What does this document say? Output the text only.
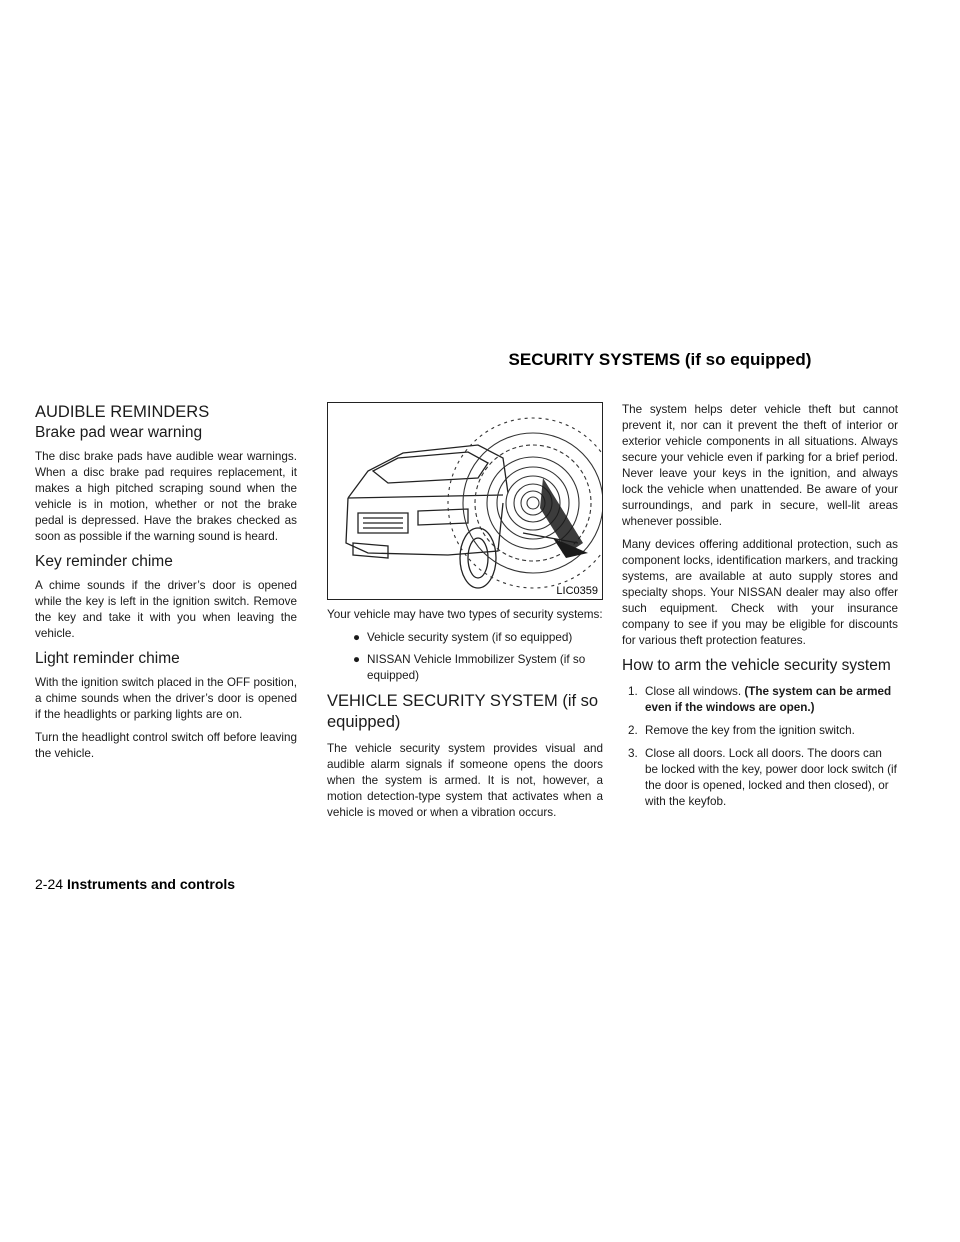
SECURITY SYSTEMS (if so equipped)
AUDIBLE REMINDERS
Brake pad wear warning

The disc brake pads have audible wear warnings. When a disc brake pad requires replacement, it makes a high pitched scraping sound when the vehicle is in motion, whether or not the brake pedal is depressed. Have the brakes checked as soon as possible if the warning sound is heard.

Key reminder chime

A chime sounds if the driver’s door is opened while the key is left in the ignition switch. Remove the key and take it with you when leaving the vehicle.

Light reminder chime

With the ignition switch placed in the OFF position, a chime sounds when the driver’s door is opened if the headlights or parking lights are on.

Turn the headlight control switch off before leaving the vehicle.

LIC0359

Your vehicle may have two types of security systems:

● Vehicle security system (if so equipped)
● NISSAN Vehicle Immobilizer System (if so equipped)
VEHICLE SECURITY SYSTEM (if so equipped)

The vehicle security system provides visual and audible alarm signals if someone opens the doors when the system is armed. It is not, however, a motion detection-type system that activates when a vehicle is moved or when a vibration occurs.

The system helps deter vehicle theft but cannot prevent it, nor can it prevent the theft of interior or exterior vehicle components in all situations. Always secure your vehicle even if parking for a brief period. Never leave your keys in the ignition, and always lock the vehicle when unattended. Be aware of your surroundings, and park in secure, well-lit areas whenever possible.

Many devices offering additional protection, such as component locks, identification markers, and tracking systems, are available at auto supply stores and specialty shops. Your NISSAN dealer may also offer such equipment. Check with your insurance company to see if you may be eligible for discounts for various theft protection features.

How to arm the vehicle security system
1. Close all windows. (The system can be armed even if the windows are open.)
2. Remove the key from the ignition switch.
3. Close all doors. Lock all doors. The doors can be locked with the key, power door lock switch (if the door is opened, locked and then closed), or with the keyfob.
2-24 Instruments and controls
